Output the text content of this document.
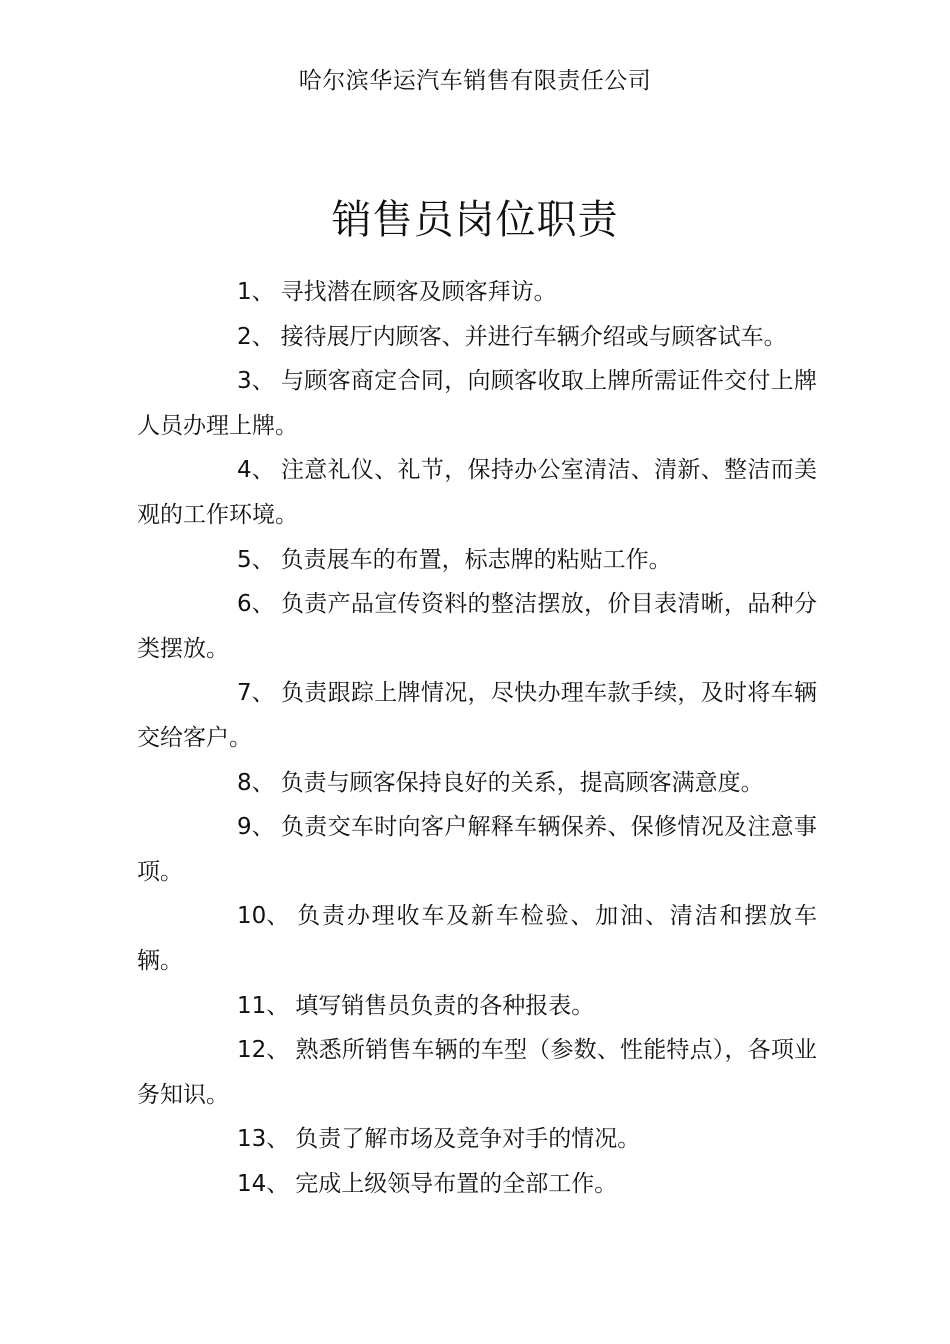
哈尔滨华运汽车销售有限责任公司
销售员岗位职责
1、 寻找潜在顾客及顾客拜访。
2、 接待展厅内顾客、并进行车辆介绍或与顾客试车。
3、 与顾客商定合同，向顾客收取上牌所需证件交付上牌人员办理上牌。
4、 注意礼仪、礼节，保持办公室清洁、清新、整洁而美观的工作环境。
5、 负责展车的布置，标志牌的粘贴工作。
6、 负责产品宣传资料的整洁摆放，价目表清晰，品种分类摆放。
7、 负责跟踪上牌情况，尽快办理车款手续，及时将车辆交给客户。
8、 负责与顾客保持良好的关系，提高顾客满意度。
9、 负责交车时向客户解释车辆保养、保修情况及注意事项。
10、 负责办理收车及新车检验、加油、清洁和摆放车辆。
11、 填写销售员负责的各种报表。
12、 熟悉所销售车辆的车型（参数、性能特点），各项业务知识。
13、 负责了解市场及竞争对手的情况。
14、 完成上级领导布置的全部工作。
